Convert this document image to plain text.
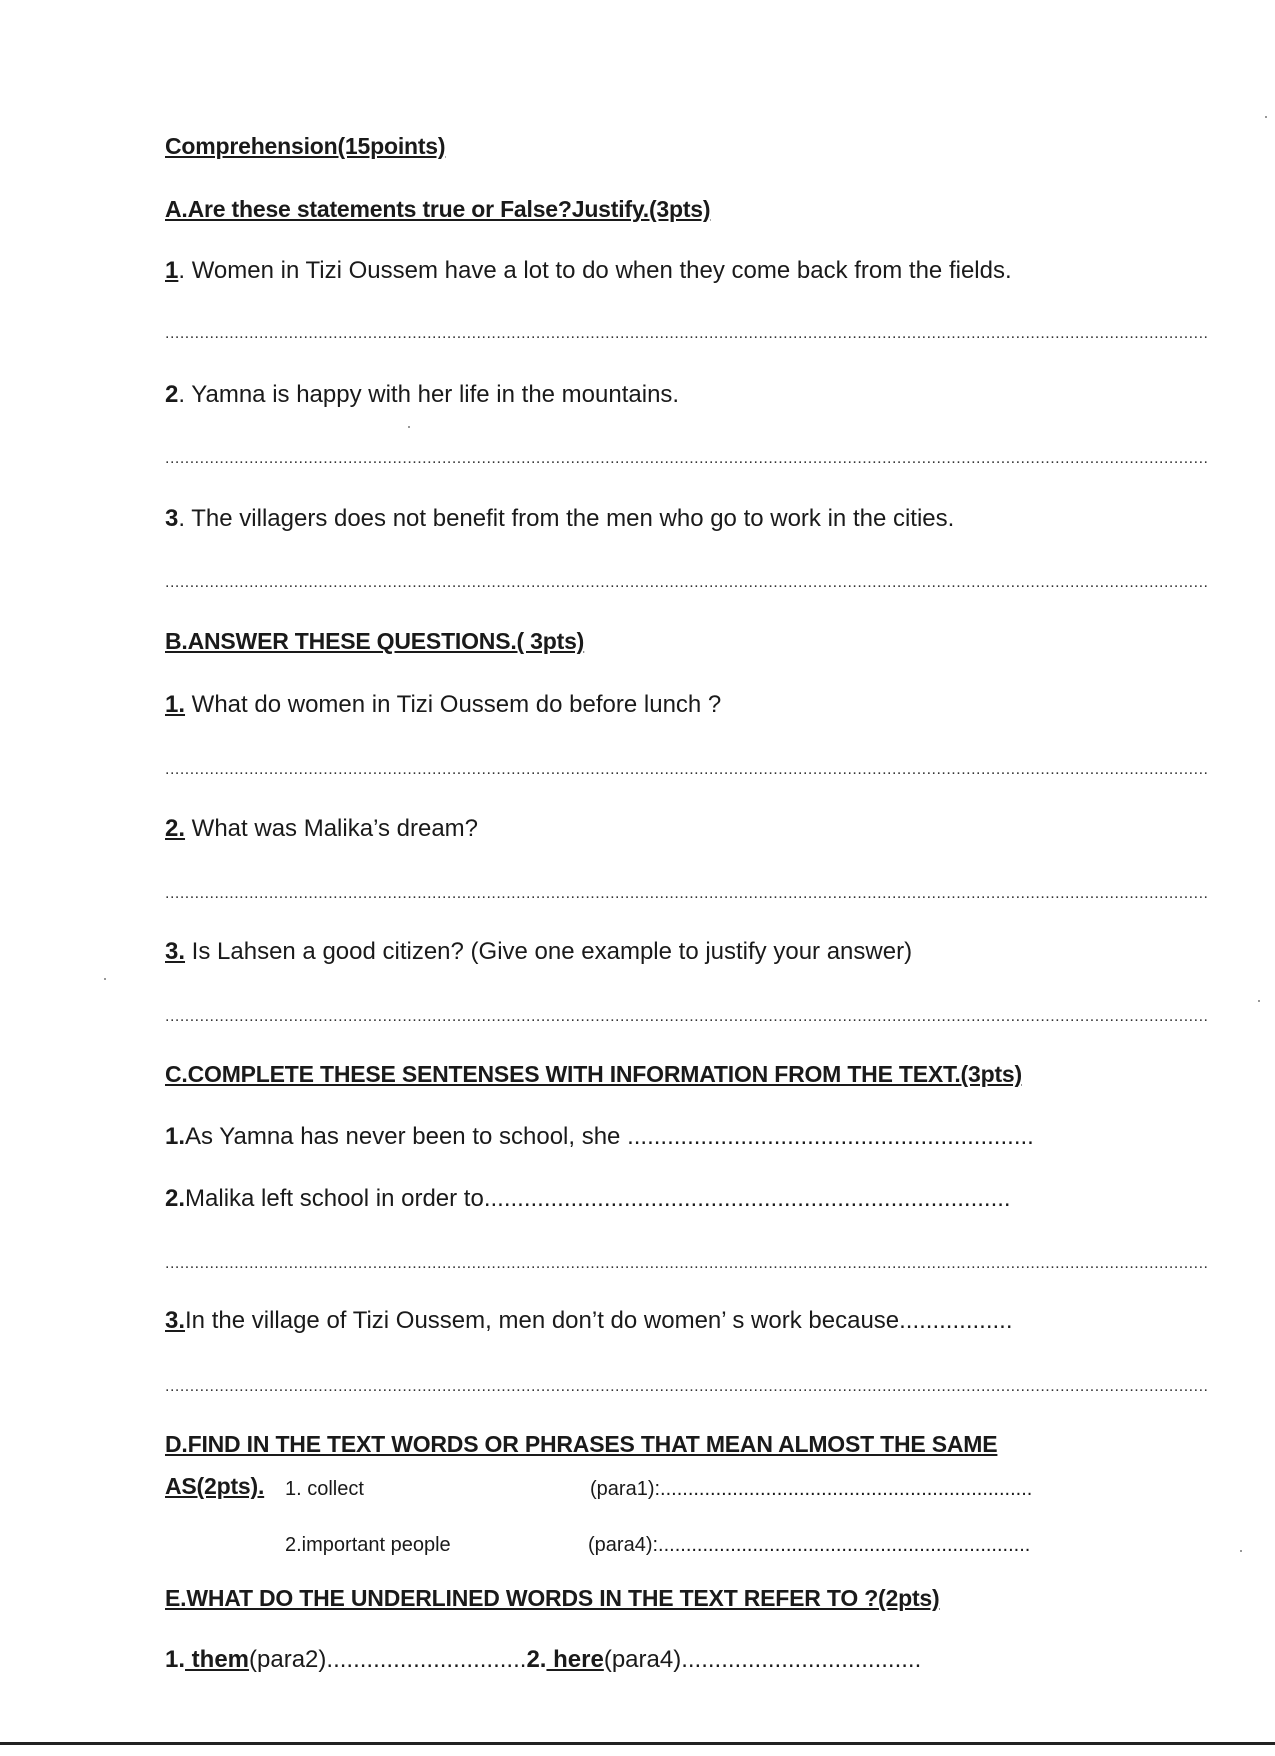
Comprehension(15points)
A.Are these statements true or False?Justify.(3pts)
1. Women in Tizi Oussem have a lot to do when they come back from the fields.
...................................................................................................................................................................................................................
2. Yamna is happy with her life in the mountains.
...................................................................................................................................................................................................................
3. The villagers does not benefit from the men who go to work in the cities.
...................................................................................................................................................................................................................
B.ANSWER THESE QUESTIONS.( 3pts)
1. What do women in Tizi Oussem do before lunch ?
...................................................................................................................................................................................................................
2. What was Malika’s dream?
...................................................................................................................................................................................................................
3. Is Lahsen a good citizen? (Give one example to justify your answer)
...................................................................................................................................................................................................................
C.COMPLETE THESE SENTENSES WITH INFORMATION FROM THE TEXT.(3pts)
1.As Yamna has never been to school, she .............................................................
2.Malika left school in order to...............................................................................
...................................................................................................................................................................................................................
3.In the village of Tizi Oussem, men don’t do women’ s work because.................
...................................................................................................................................................................................................................
D.FIND IN THE TEXT WORDS OR PHRASES THAT MEAN ALMOST THE SAME
AS(2pts). 1. collect	(para1):...................................................................
2.important people	(para4):...................................................................
E.WHAT DO THE UNDERLINED WORDS IN THE TEXT REFER TO ?(2pts)
1. them(para2)..............................2. here(para4)....................................
